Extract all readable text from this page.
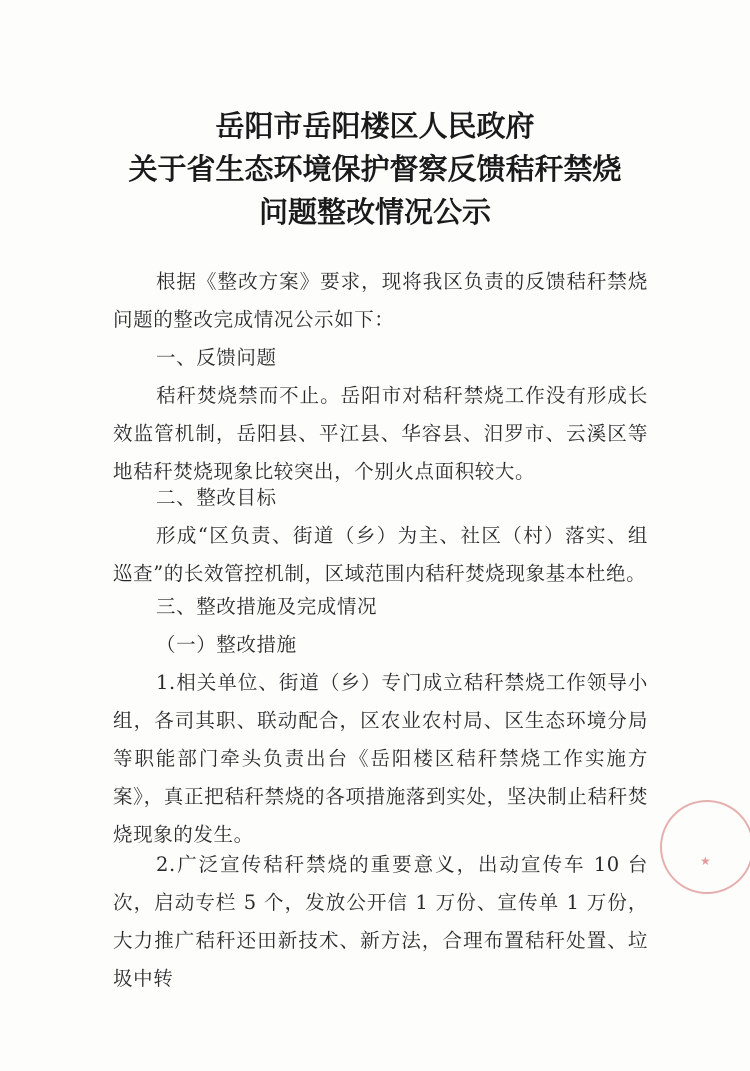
岳阳市岳阳楼区人民政府
关于省生态环境保护督察反馈秸秆禁烧
问题整改情况公示
根据《整改方案》要求，现将我区负责的反馈秸秆禁烧问题的整改完成情况公示如下：
一、反馈问题
秸秆焚烧禁而不止。岳阳市对秸秆禁烧工作没有形成长效监管机制，岳阳县、平江县、华容县、汨罗市、云溪区等地秸秆焚烧现象比较突出，个别火点面积较大。
二、整改目标
形成“区负责、街道（乡）为主、社区（村）落实、组巡查”的长效管控机制，区域范围内秸秆焚烧现象基本杜绝。
三、整改措施及完成情况
（一）整改措施
1.相关单位、街道（乡）专门成立秸秆禁烧工作领导小组，各司其职、联动配合，区农业农村局、区生态环境分局等职能部门牵头负责出台《岳阳楼区秸秆禁烧工作实施方案》，真正把秸秆禁烧的各项措施落到实处，坚决制止秸秆焚烧现象的发生。
2.广泛宣传秸秆禁烧的重要意义，出动宣传车 10 台次，启动专栏 5 个，发放公开信 1 万份、宣传单 1 万份，大力推广秸秆还田新技术、新方法，合理布置秸秆处置、垃圾中转
★
